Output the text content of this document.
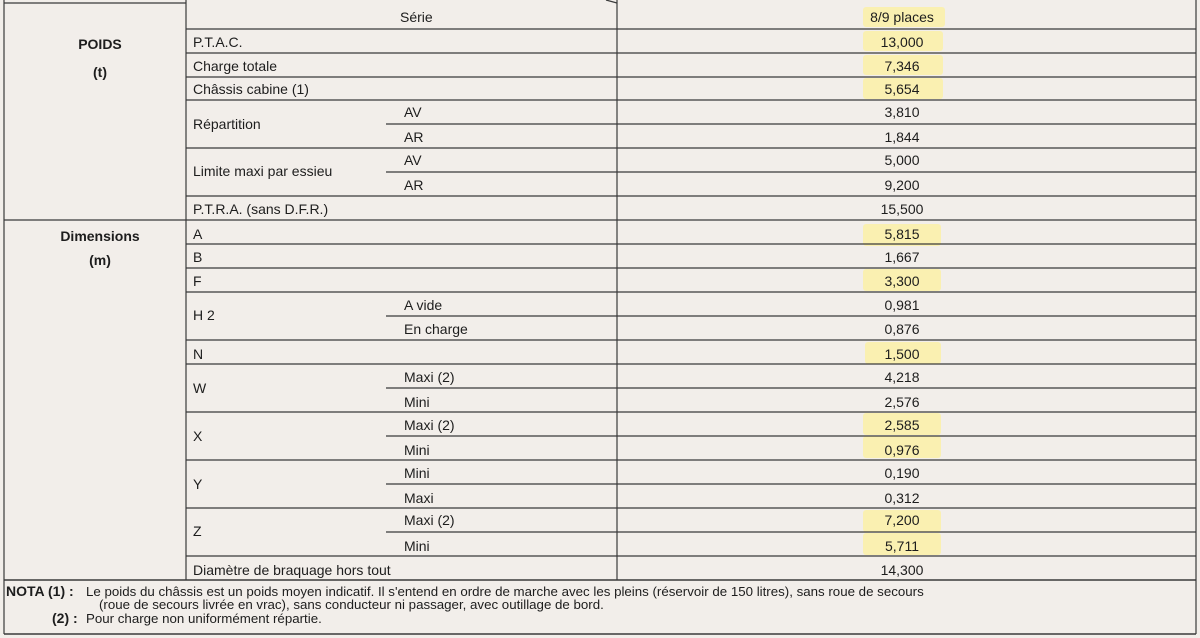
Série	8/9 places
POIDS
(t)
Dimensions
(m)
P.T.A.C.	13,000
Charge totale	7,346
Châssis cabine (1)	5,654
Répartition
AV	3,810
AR	1,844
Limite maxi par essieu
AV	5,000
AR	9,200
P.T.R.A. (sans D.F.R.)	15,500
A	5,815
B	1,667
F	3,300
H 2
A vide	0,981
En charge	0,876
N	1,500
W
Maxi (2)	4,218
Mini	2,576
X
Maxi (2)	2,585
Mini	0,976
Y
Mini	0,190
Maxi	0,312
Z
Maxi (2)	7,200
Mini	5,711
Diamètre de braquage hors tout	14,300
NOTA (1) : Le poids du châssis est un poids moyen indicatif. Il s'entend en ordre de marche avec les pleins (réservoir de 150 litres), sans roue de secours
(roue de secours livrée en vrac), sans conducteur ni passager, avec outillage de bord.
(2) : Pour charge non uniformément répartie.
